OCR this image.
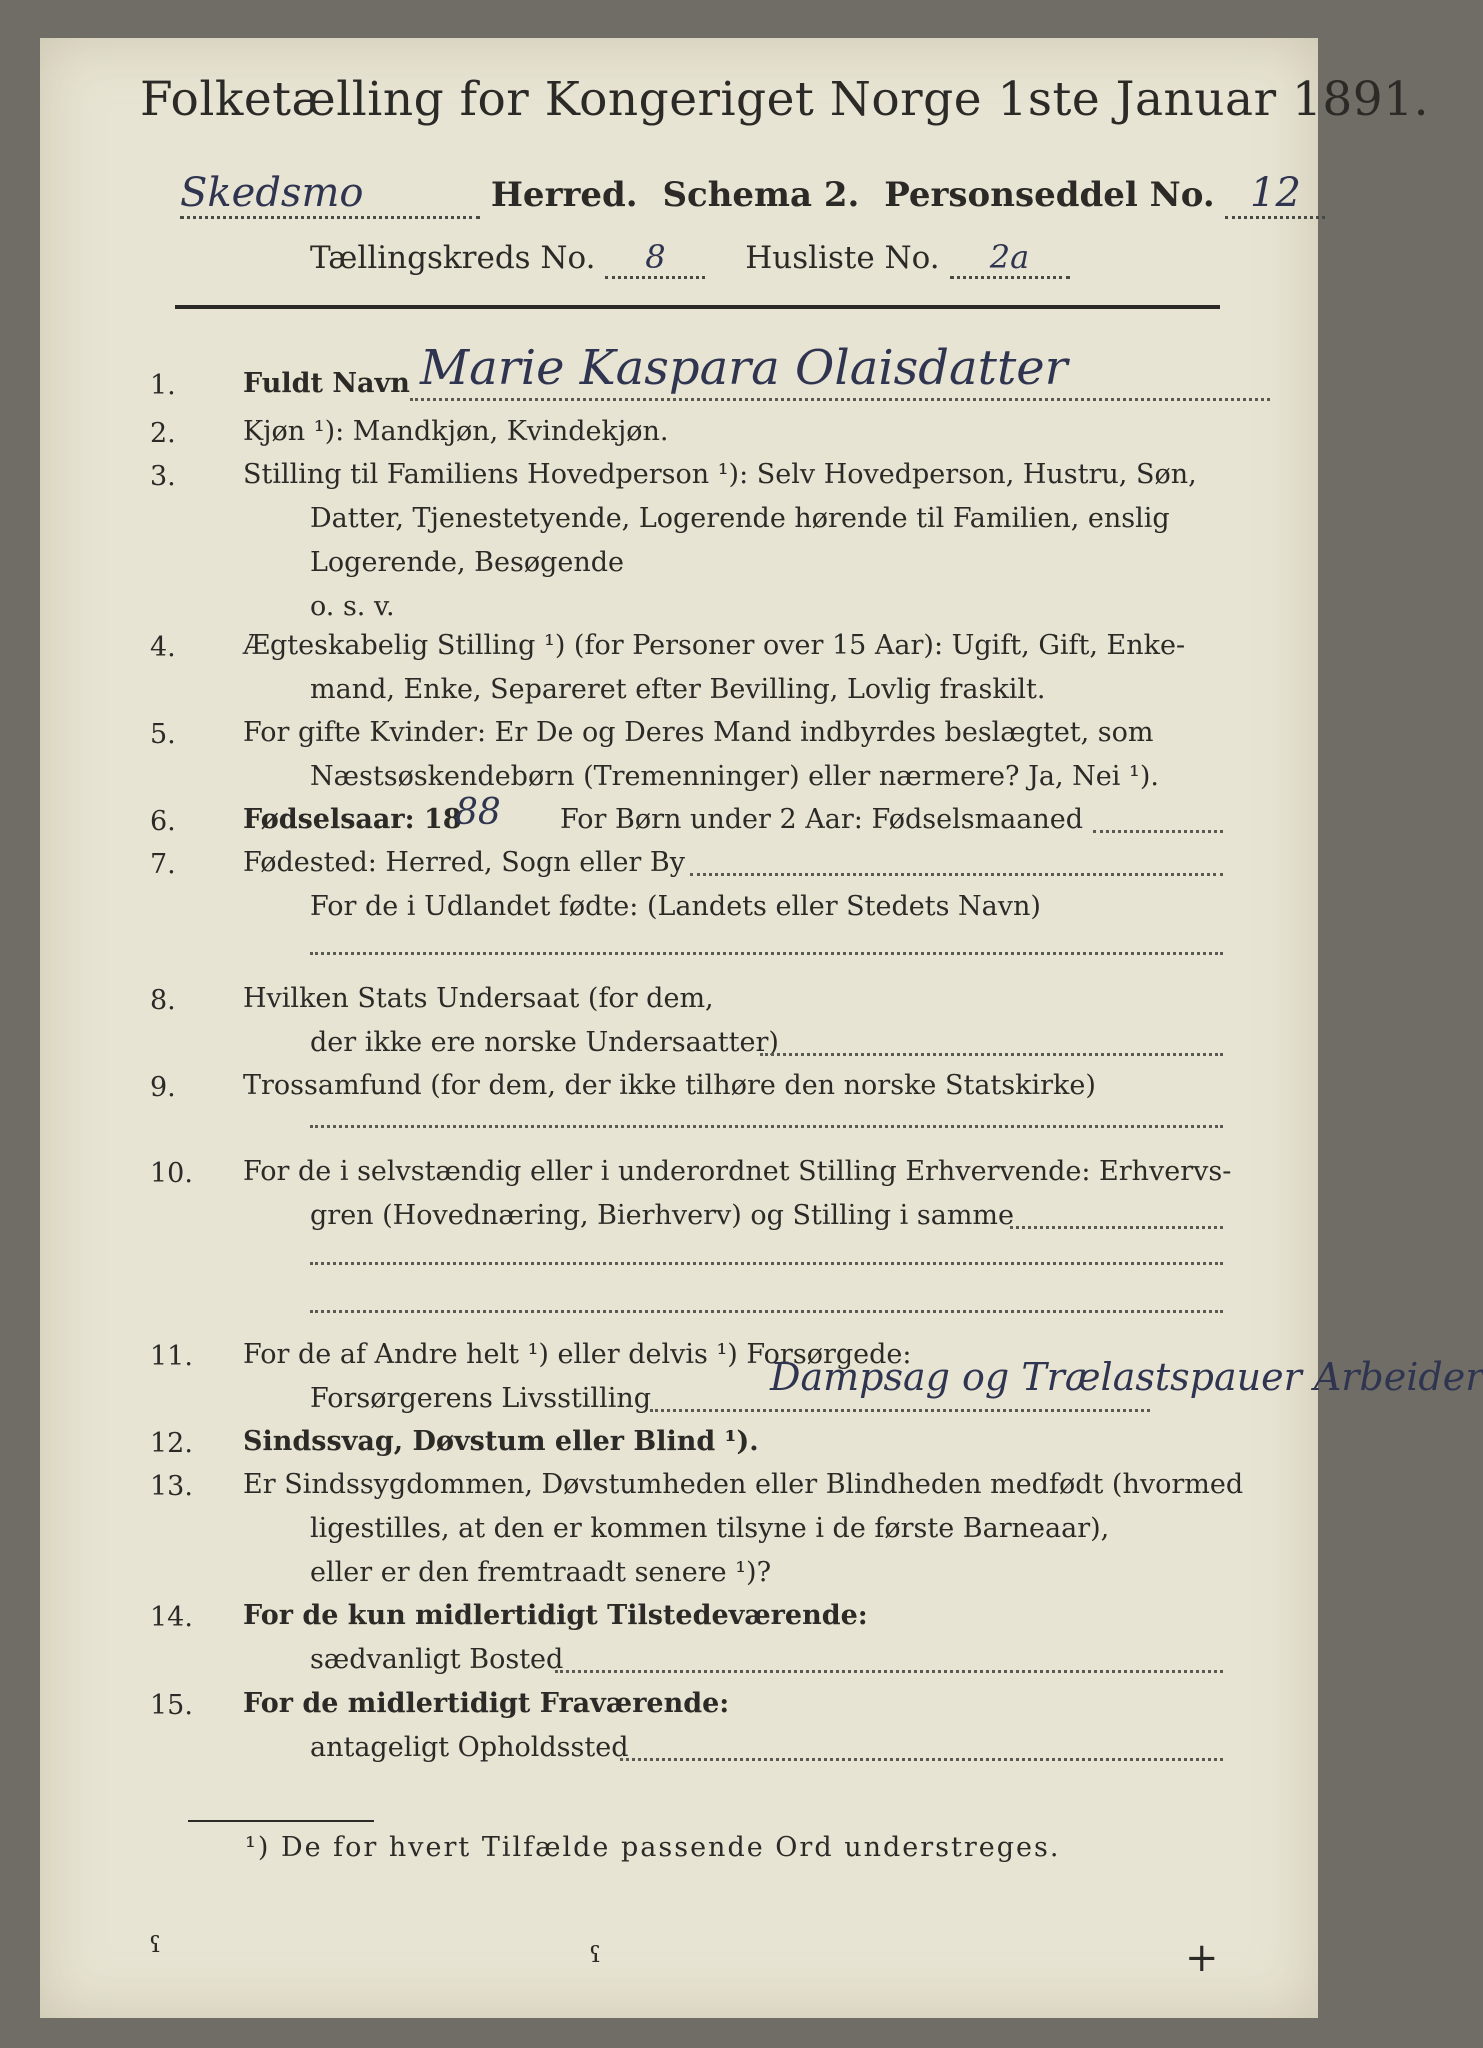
Folketælling for Kongeriget Norge 1ste Januar 1891.
Skedsmo	Herred. Schema 2. Personseddel No. 12
Tællingskreds No. 8	Husliste No. 2a
1. Fuldt Navn Marie Kaspara Olaisdatter
2. Kjøn ¹): Mandkjøn, Kvindekjøn.
3. Stilling til Familiens Hovedperson ¹): Selv Hovedperson, Hustru, Søn,
Datter, Tjenestetyende, Logerende hørende til Familien, enslig
Logerende, Besøgende
o. s. v.
4. Ægteskabelig Stilling ¹) (for Personer over 15 Aar): Ugift, Gift, Enke-
mand, Enke, Separeret efter Bevilling, Lovlig fraskilt.
5. For gifte Kvinder: Er De og Deres Mand indbyrdes beslægtet, som
Næstsøskendebørn (Tremenninger) eller nærmere? Ja, Nei ¹).
6. Fødselsaar: 18
88 For Børn under 2 Aar: Fødselsmaaned
7. Fødested: Herred, Sogn eller By
For de i Udlandet fødte: (Landets eller Stedets Navn)
8. Hvilken Stats Undersaat (for dem,
der ikke ere norske Undersaatter)
9. Trossamfund (for dem, der ikke tilhøre den norske Statskirke)
10. For de i selvstændig eller i underordnet Stilling Erhvervende: Erhvervs-
gren (Hovednæring, Bierhverv) og Stilling i samme
11. For de af Andre helt ¹) eller delvis ¹) Forsørgede:
Forsørgerens Livsstilling	Dampsag og Trælastspauer Arbeider
12. Sindssvag, Døvstum eller Blind ¹).
13. Er Sindssygdommen, Døvstumheden eller Blindheden medfødt (hvormed
ligestilles, at den er kommen tilsyne i de første Barneaar),
eller er den fremtraadt senere ¹)?
14. For de kun midlertidigt Tilstedeværende:
sædvanligt Bosted
15. For de midlertidigt Fraværende:
antageligt Opholdssted
¹) De for hvert Tilfælde passende Ord understreges.
ˤ	ˤ	+
